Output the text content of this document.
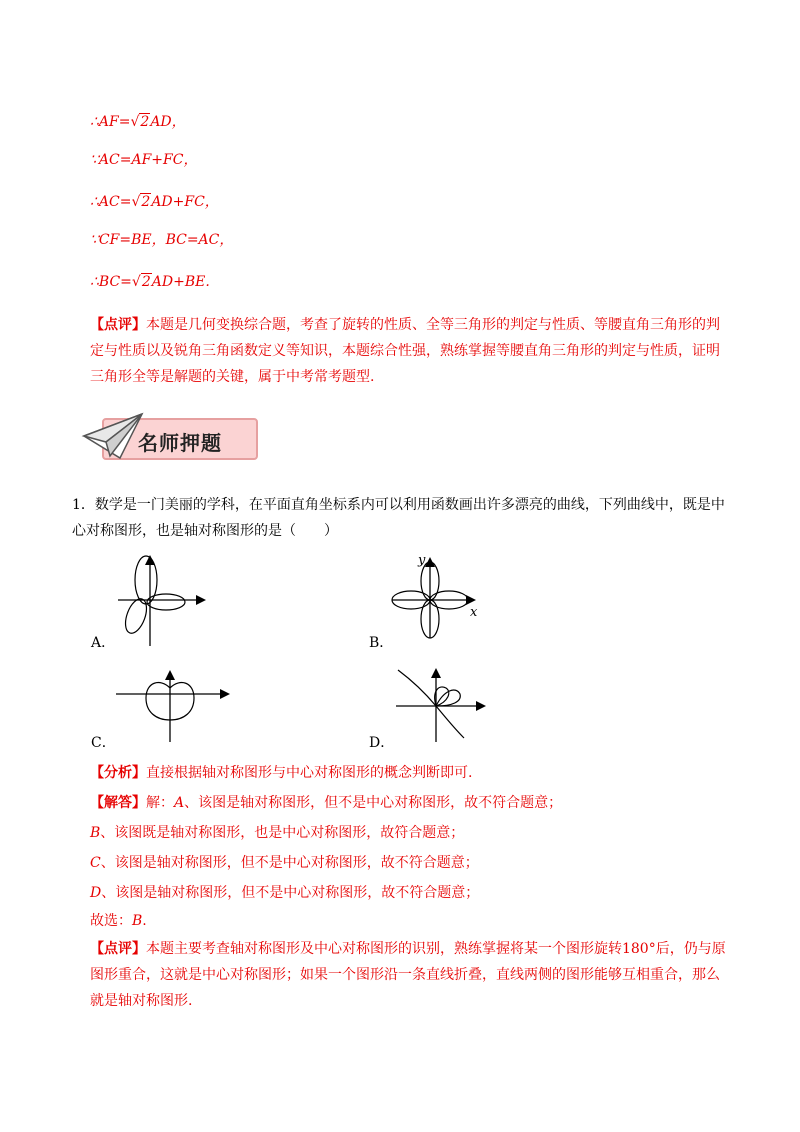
∴AF=√2AD，
∵AC=AF+FC，
∴AC=√2AD+FC，
∵CF=BE，BC=AC，
∴BC=√2AD+BE.
【点评】本题是几何变换综合题，考查了旋转的性质、全等三角形的判定与性质、等腰直角三角形的判定与性质以及锐角三角函数定义等知识，本题综合性强，熟练掌握等腰直角三角形的判定与性质，证明三角形全等是解题的关键，属于中考常考题型.
名师押题
1．数学是一门美丽的学科，在平面直角坐标系内可以利用函数画出许多漂亮的曲线，下列曲线中，既是中心对称图形，也是轴对称图形的是（　　）
A．
y
x
B．
C．	D．
【分析】直接根据轴对称图形与中心对称图形的概念判断即可.
【解答】解：A、该图是轴对称图形，但不是中心对称图形，故不符合题意；
B、该图既是轴对称图形，也是中心对称图形，故符合题意；
C、该图是轴对称图形，但不是中心对称图形，故不符合题意；
D、该图是轴对称图形，但不是中心对称图形，故不符合题意；
故选：B.
【点评】本题主要考查轴对称图形及中心对称图形的识别，熟练掌握将某一个图形旋转180°后，仍与原图形重合，这就是中心对称图形；如果一个图形沿一条直线折叠，直线两侧的图形能够互相重合，那么就是轴对称图形.
